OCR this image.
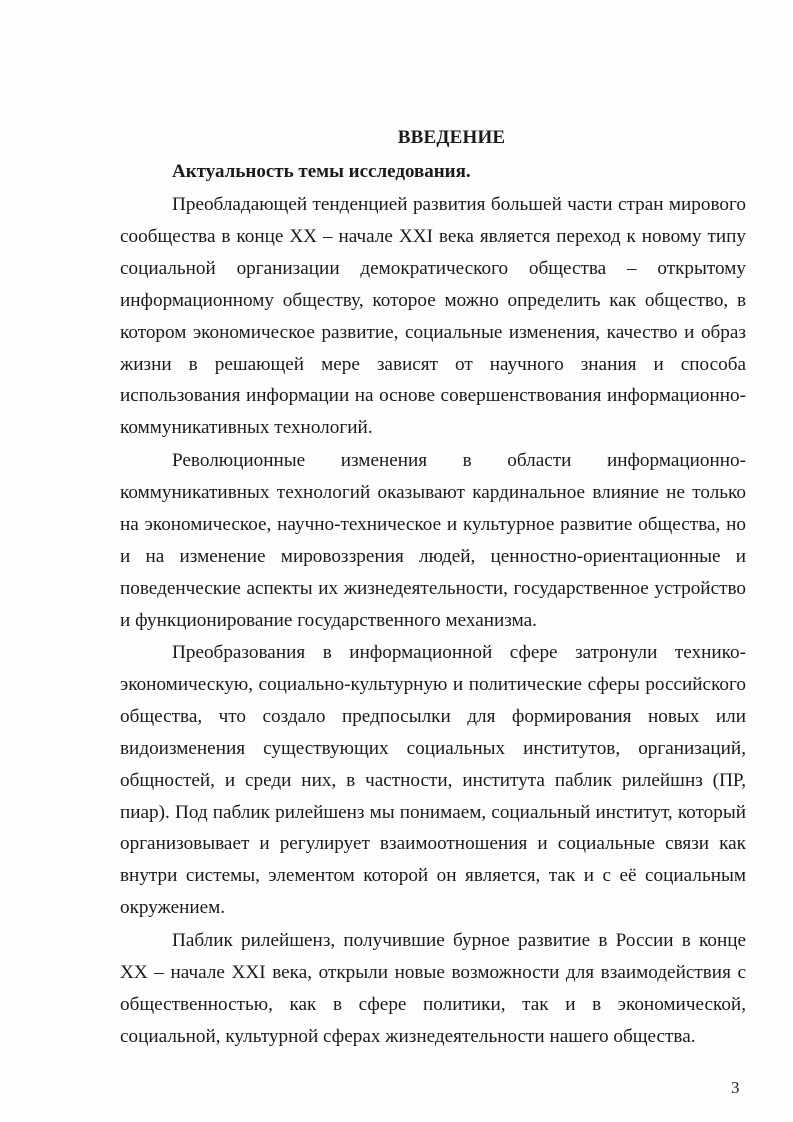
ВВЕДЕНИЕ
Актуальность темы исследования.

Преобладающей тенденцией развития большей части стран мирового сообщества в конце XX – начале XXI века является переход к новому типу социальной организации демократического общества – открытому информационному обществу, которое можно определить как общество, в котором экономическое развитие, социальные изменения, качество и образ жизни в решающей мере зависят от научного знания и способа использования информации на основе совершенствования информационно-коммуникативных технологий.

Революционные изменения в области информационно-коммуникативных технологий оказывают кардинальное влияние не только на экономическое, научно-техническое и культурное развитие общества, но и на изменение мировоззрения людей, ценностно-ориентационные и поведенческие аспекты их жизнедеятельности, государственное устройство и функционирование государственного механизма.

Преобразования в информационной сфере затронули технико-экономическую, социально-культурную и политические сферы российского общества, что создало предпосылки для формирования новых или видоизменения существующих социальных институтов, организаций, общностей, и среди них, в частности, института паблик рилейшнз (ПР, пиар). Под паблик рилейшенз мы понимаем, социальный институт, который организовывает и регулирует взаимоотношения и социальные связи как внутри системы, элементом которой он является, так и с её социальным окружением.

Паблик рилейшенз, получившие бурное развитие в России в конце XX – начале XXI века, открыли новые возможности для взаимодействия с общественностью, как в сфере политики, так и в экономической, социальной, культурной сферах жизнедеятельности нашего общества.

3
